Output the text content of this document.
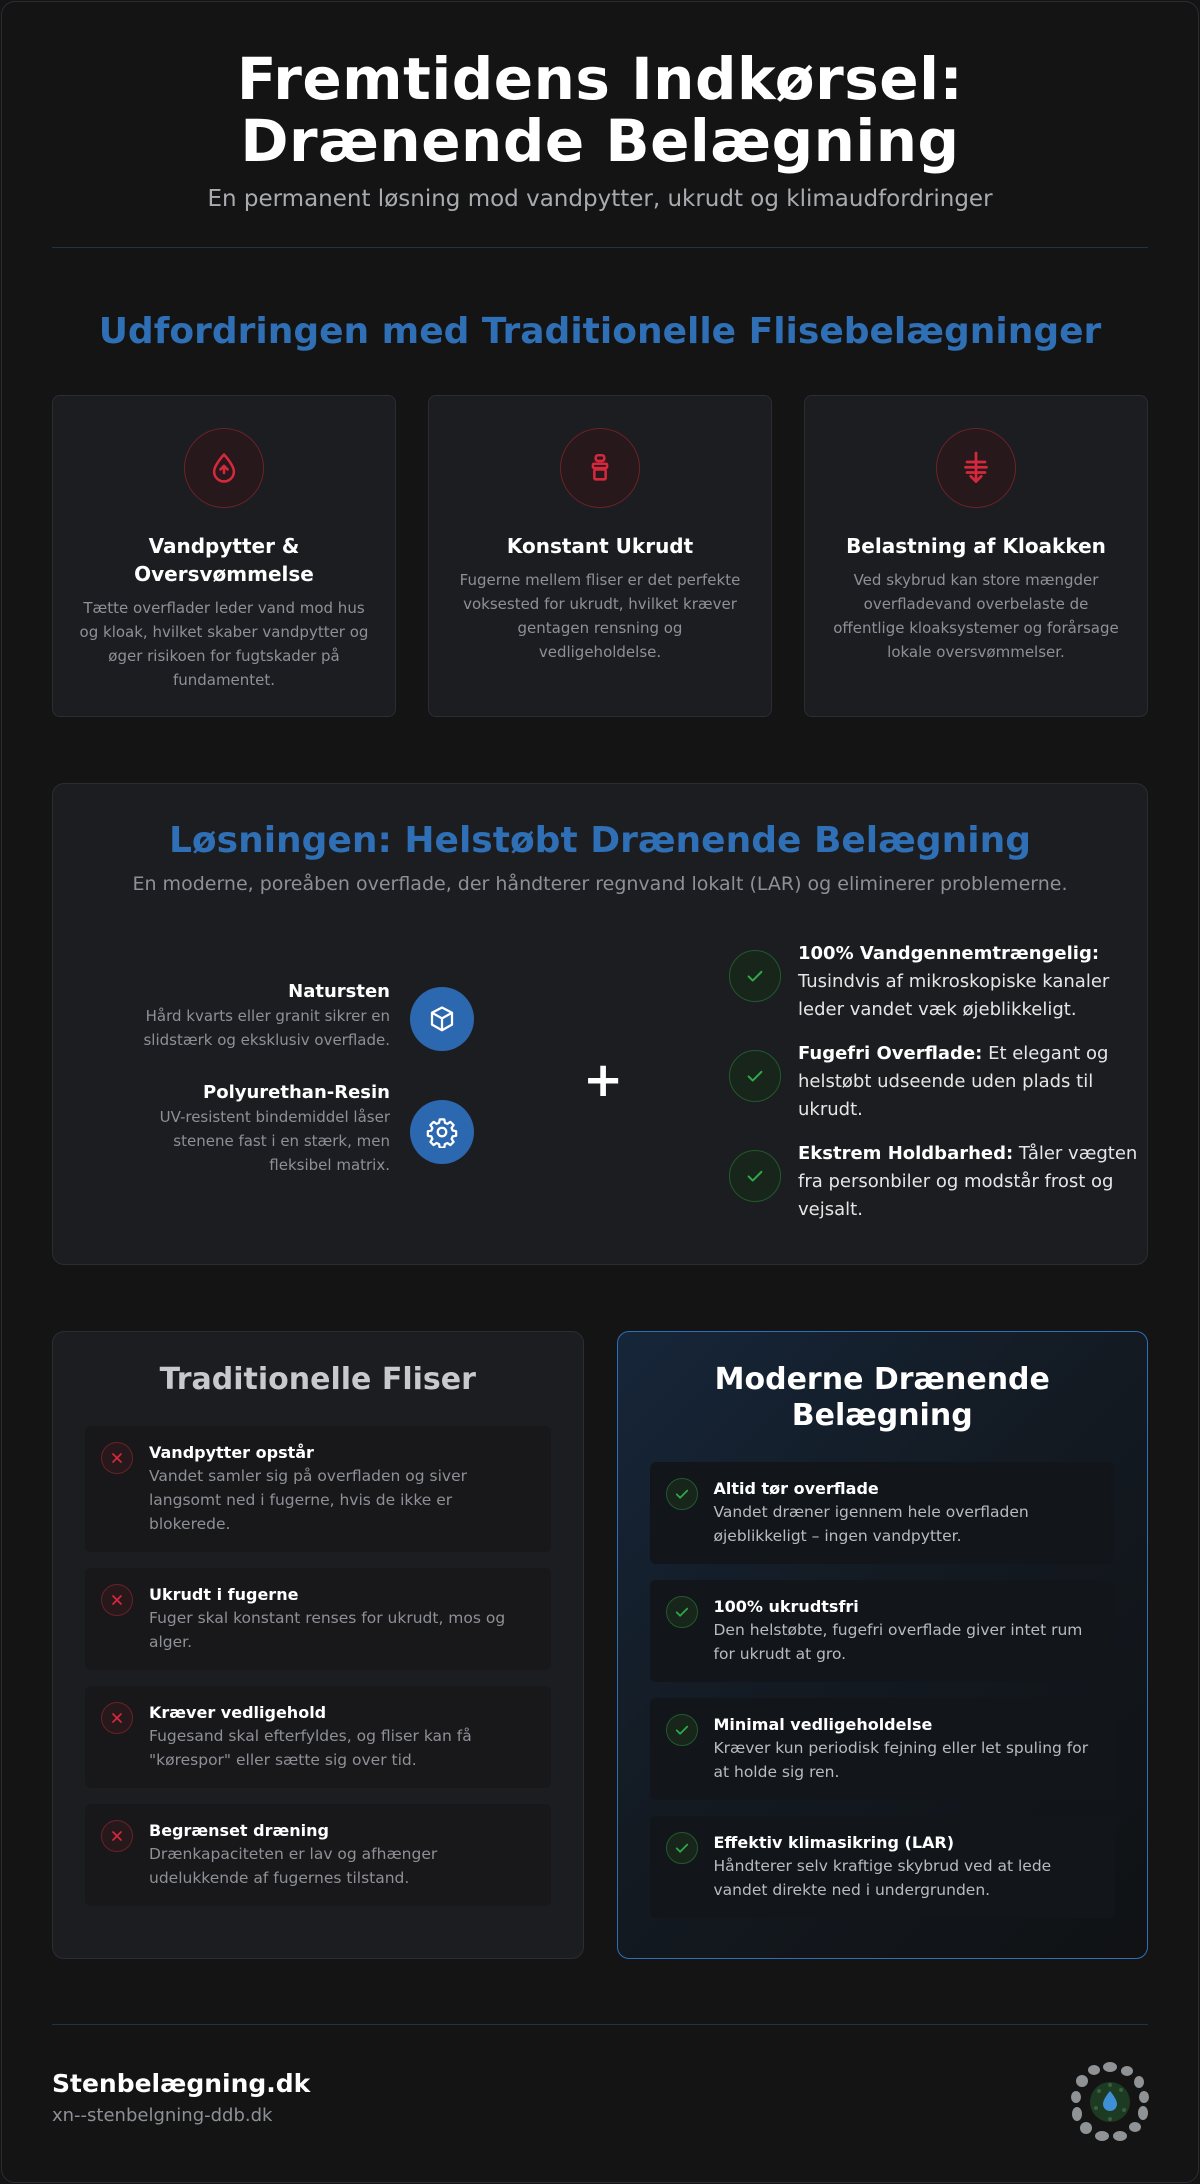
Fremtidens Indkørsel:
Drænende Belægning

En permanent løsning mod vandpytter, ukrudt og klimaudfordringer

Udfordringen med Traditionelle Flisebelægninger
Vandpytter & Oversvømmelse

Tætte overflader leder vand mod hus og kloak, hvilket skaber vandpytter og øger risikoen for fugtskader på fundamentet.

Konstant Ukrudt

Fugerne mellem fliser er det perfekte voksested for ukrudt, hvilket kræver gentagen rensning og vedligeholdelse.

Belastning af Kloakken

Ved skybrud kan store mængder overfladevand overbelaste de offentlige kloaksystemer og forårsage lokale oversvømmelser.

Løsningen: Helstøbt Drænende Belægning

En moderne, poreåben overflade, der håndterer regnvand lokalt (LAR) og eliminerer problemerne.

Natursten

Hård kvarts eller granit sikrer en
slidstærk og eksklusiv overflade.

Polyurethan-Resin

UV-resistent bindemiddel låser
stenene fast i en stærk, men
fleksibel matrix.

+

100% Vandgennemtrængelig: Tusindvis af mikroskopiske kanaler leder vandet væk øjeblikkeligt.

Fugefri Overflade: Et elegant og helstøbt udseende uden plads til ukrudt.

Ekstrem Holdbarhed: Tåler vægten fra personbiler og modstår frost og vejsalt.

Traditionelle Fliser
Vandpytter opstår

Vandet samler sig på overfladen og siver langsomt ned i fugerne, hvis de ikke er blokerede.

Ukrudt i fugerne

Fuger skal konstant renses for ukrudt, mos og alger.

Kræver vedligehold

Fugesand skal efterfyldes, og fliser kan få "kørespor" eller sætte sig over tid.

Begrænset dræning

Drænkapaciteten er lav og afhænger udelukkende af fugernes tilstand.

Moderne Drænende Belægning
Altid tør overflade

Vandet dræner igennem hele overfladen øjeblikkeligt – ingen vandpytter.

100% ukrudtsfri

Den helstøbte, fugefri overflade giver intet rum for ukrudt at gro.

Minimal vedligeholdelse

Kræver kun periodisk fejning eller let spuling for at holde sig ren.

Effektiv klimasikring (LAR)

Håndterer selv kraftige skybrud ved at lede vandet direkte ned i undergrunden.

Stenbelægning.dk
xn--stenbelgning-ddb.dk
